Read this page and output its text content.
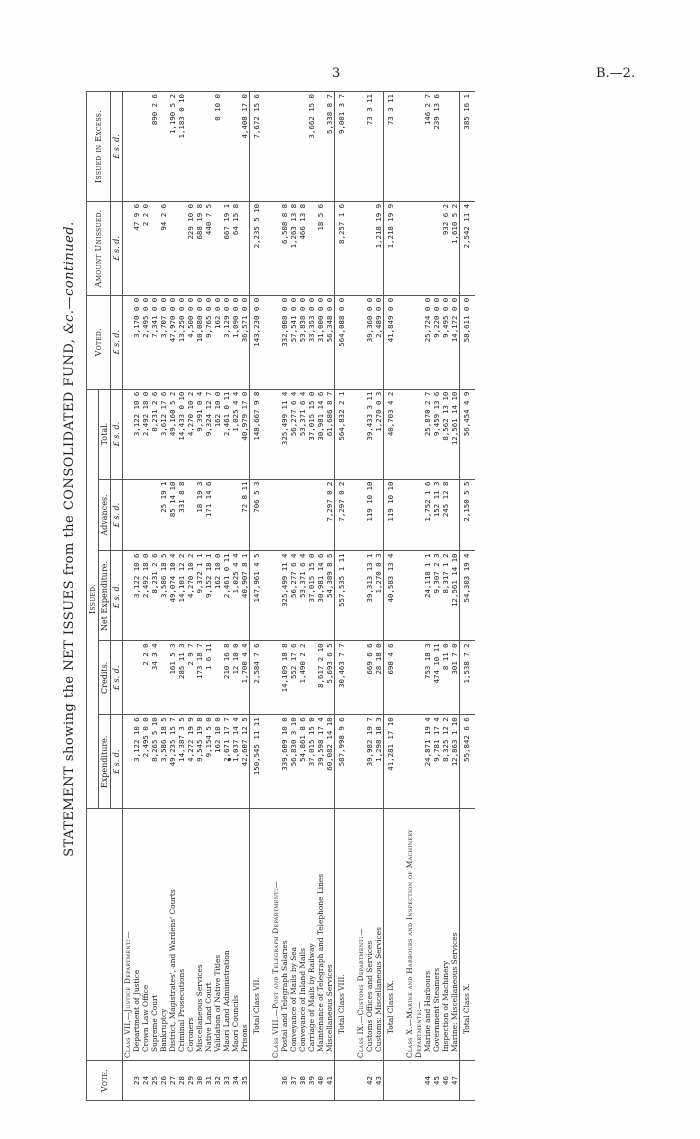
3	B.—2.
STATEMENT showing the NET ISSUES from the CONSOLIDATED FUND, &c.—continued.
Vote.		Issued.					Voted.	Amount Unissued.	Issued in Excess.
		Expenditure.	Credits.	Net Expenditure.	Advances.	Total.			
		£ s. d.	£ s. d.	£ s. d.	£ s. d.	£ s. d.	£ s. d.	£ s. d.	£ s. d.
	Class VII.—Justice Department:—								
23	Department of Justice	3,122 10 6		3,122 10 6		3,122 10 6	3,170 0 0	47 9 6	
24	Crown Law Office	2,495 0 0	2 2 0	2,492 18 0		2,492 18 0	2,495 0 0	2 2 0	
25	Supreme Court	8,265 5 10	34 3 4	8,231 2 6		8,231 2 6	7,341 0 0		890 2 6
26	Bankruptcy	3,586 18 5		3,586 18 5	25 19 1	3,612 17 6	3,707 0 0	94 2 6	
27	District, Magistrates', and Wardens' Courts	49,235 15 7	161 5 3	49,074 10 4	85 14 10	49,160 5 2	47,970 0 0		1,190 5 2
28	Criminal Prosecutions	14,387 3 5	285 11 3	14,101 12 2	331 8 8	14,433 0 10	13,250 0 0		1,183 0 10
29	Coroners	4,272 19 9	2 9 7	4,270 10 2		4,270 10 2	4,500 0 0	229 10 0	
30	Miscellaneous Services	9,545 19 8	173 18 7	9,372 1 1	18 19 3	9,391 0 4	10,080 0 0	688 19 8	
31	Native Land Court	9,154 5 0	1 6 11	9,152 18 1	171 14 6	9,324 12 7	9,765 0 0	440 7 5	
32	Validation of Native Titles	162 10 0		162 10 0		162 10 0	162 0 0		0 10 0
33	Maori Land Administration	2,671 17 7	210 16 8	2,461 0 11		2,461 0 11	3,129 0 0	667 19 1	
34	Maori Councils	1,037 14 4	12 10 0	1,025 4 4		1,025 4 4	1,090 0 0	64 15 8	
35	Prisons	42,607 12 5	1,700 4 4	40,907 8 1	72 8 11	40,979 17 0	36,571 0 0		4,408 17 0
	Total Class VII.	150,545 11 11	2,584 7 6	147,961 4 5	706 5 3	148,667 9 8	143,230 0 0	2,235 5 10	7,672 15 6

	Class VIII.—Post and Telegraph Department:—								
36	Postal and Telegraph Salaries	339,609 10 0	14,109 18 8	325,499 11 4		325,499 11 4	332,008 0 0	6,508 8 8	
37	Conveyance of Mails by Sea	56,830 3 10	552 17 6	56,277 6 4		56,277 6 4	57,541 0 0	1,263 13 8	
38	Conveyance of Inland Mails	54,861 8 6	1,490 2 2	53,371 6 4		53,371 6 4	53,838 0 0	466 13 8	
39	Carriage of Mails by Railway	37,015 15 0		37,015 15 0		37,015 15 0	33,353 0 0		3,662 15 0
40	Maintenance of Telegraph and Telephone Lines	39,598 17 4	8,617 2 10	30,981 14 6		30,981 14 6	31,000 0 0	18 5 6	
41	Miscellaneous Services	60,082 14 10	5,693 6 5	54,389 8 5	7,297 0 2	61,686 8 7	56,348 0 0		5,338 8 7
	Total Class VIII.	587,998 9 6	30,463 7 7	557,535 1 11	7,297 0 2	564,832 2 1	564,088 0 0	8,257 1 6	9,001 3 7

	Class IX.—Customs Department:—								
42	Customs Offices and Services	39,982 19 7	669 6 6	39,313 13 1	119 10 10	39,433 3 11	39,360 0 0		73 3 11
43	Customs: Miscellaneous Services	1,298 18 3	28 18 0	1,270 0 3		1,270 0 3	2,489 0 0	1,218 19 9	
	Total Class IX.	41,281 17 10	698 4 6	40,583 13 4	119 10 10	40,703 4 2	41,849 0 0	1,218 19 9	73 3 11

	Class X.—Marine and Harbours and Inspection of Machinery Departments:—								
44	Marine and Harbours	24,871 19 4	753 18 3	24,118 1 1	1,752 1 6	25,870 2 7	25,724 0 0		146 2 7
45	Government Steamers	9,781 17 4	474 10 11	9,307 2 3	152 11 3	9,459 13 6	9,220 0 0		239 13 6
46	Inspection of Machinery	8,325 12 2	8 11 0	8,317 1 2	245 12 8	8,562 13 10	9,495 0 0	932 6 2	
47	Marine: Miscellaneous Services	12,863 1 10	301 7 0	12,561 14 10		12,561 14 10	14,172 0 0	1,610 5 2	
	Total Class X.	55,842 6 6	1,538 7 2	54,303 19 4	2,150 5 5	56,454 4 9	58,611 0 0	2,542 11 4	385 16 1
